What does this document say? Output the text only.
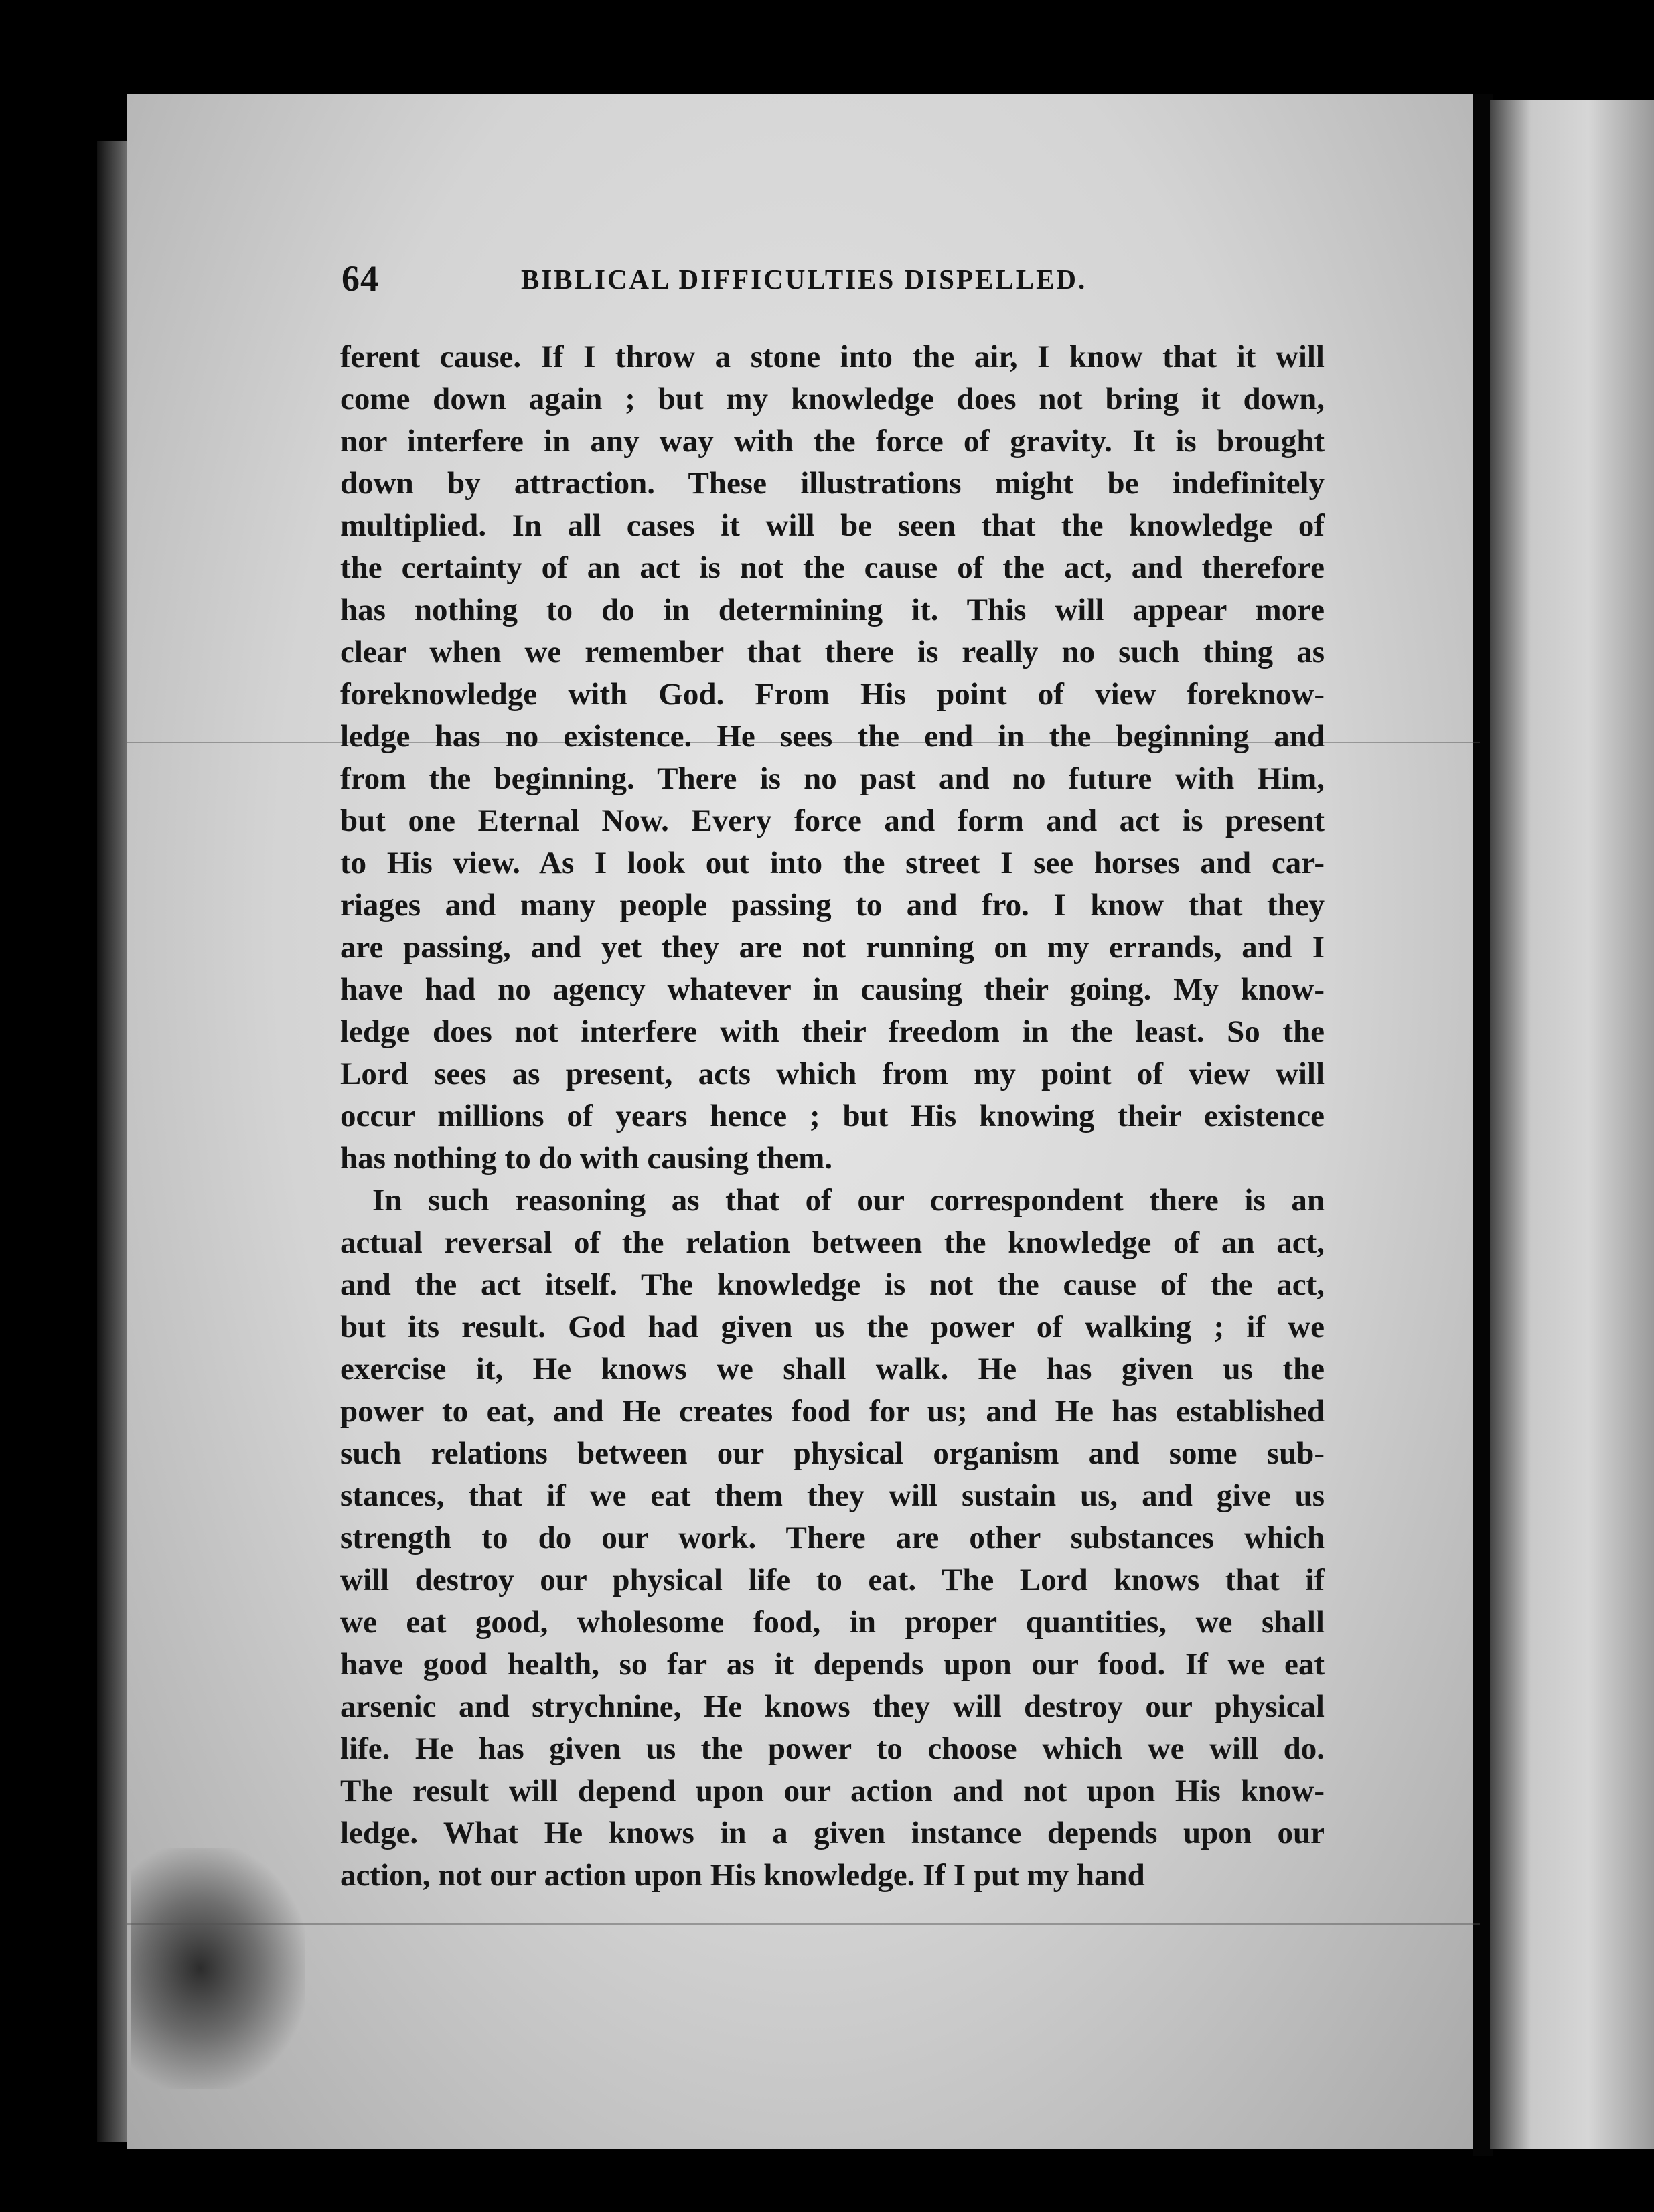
64	BIBLICAL DIFFICULTIES DISPELLED.
ferent cause. If I throw a stone into the air, I know that it will
come down again ; but my knowledge does not bring it down,
nor interfere in any way with the force of gravity. It is brought
down by attraction. These illustrations might be indefinitely
multiplied. In all cases it will be seen that the knowledge of
the certainty of an act is not the cause of the act, and therefore
has nothing to do in determining it. This will appear more
clear when we remember that there is really no such thing as
foreknowledge with God. From His point of view foreknow-
ledge has no existence. He sees the end in the beginning and
from the beginning. There is no past and no future with Him,
but one Eternal Now. Every force and form and act is present
to His view. As I look out into the street I see horses and car-
riages and many people passing to and fro. I know that they
are passing, and yet they are not running on my errands, and I
have had no agency whatever in causing their going. My know-
ledge does not interfere with their freedom in the least. So the
Lord sees as present, acts which from my point of view will
occur millions of years hence ; but His knowing their existence
has nothing to do with causing them.
In such reasoning as that of our correspondent there is an
actual reversal of the relation between the knowledge of an act,
and the act itself. The knowledge is not the cause of the act,
but its result. God had given us the power of walking ; if we
exercise it, He knows we shall walk. He has given us the
power to eat, and He creates food for us; and He has established
such relations between our physical organism and some sub-
stances, that if we eat them they will sustain us, and give us
strength to do our work. There are other substances which
will destroy our physical life to eat. The Lord knows that if
we eat good, wholesome food, in proper quantities, we shall
have good health, so far as it depends upon our food. If we eat
arsenic and strychnine, He knows they will destroy our physical
life. He has given us the power to choose which we will do.
The result will depend upon our action and not upon His know-
ledge. What He knows in a given instance depends upon our
action, not our action upon His knowledge. If I put my hand
